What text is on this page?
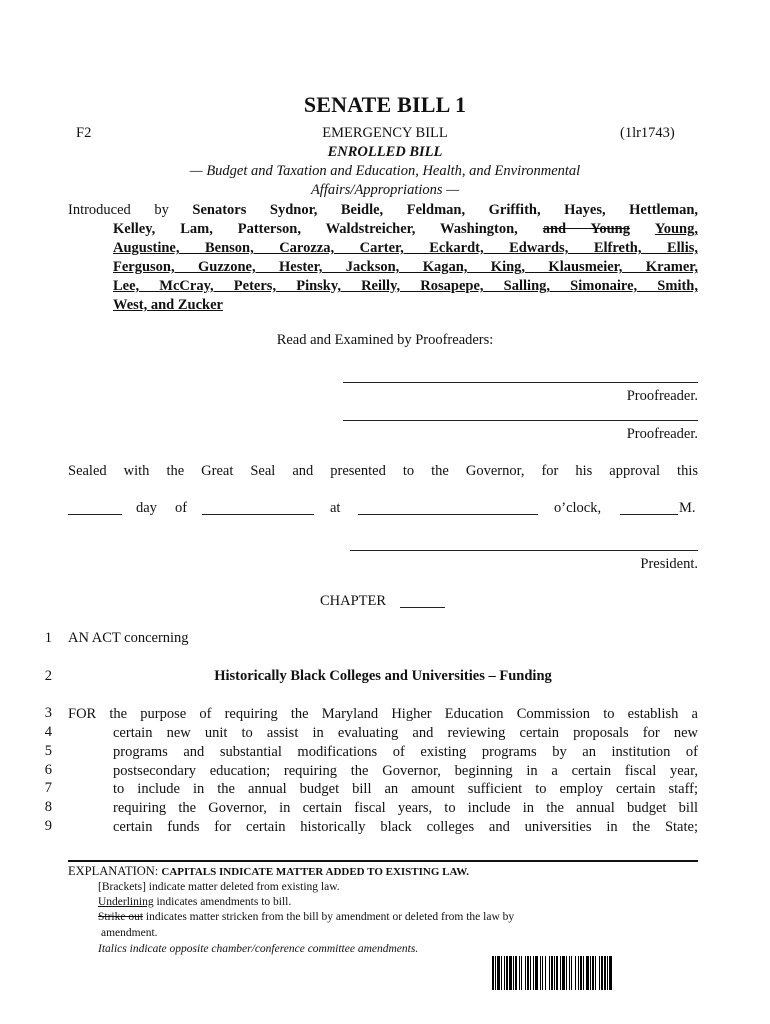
SENATE BILL 1
F2	EMERGENCY BILL	(1lr1743)
ENROLLED BILL
— Budget and Taxation and Education, Health, and Environmental
Affairs/Appropriations —
Introduced by Senators Sydnor, Beidle, Feldman, Griffith, Hayes, Hettleman,
Kelley, Lam, Patterson, Waldstreicher, Washington, and Young Young,
Augustine, Benson, Carozza, Carter, Eckardt, Edwards, Elfreth, Ellis,
Ferguson, Guzzone, Hester, Jackson, Kagan, King, Klausmeier, Kramer,
Lee, McCray, Peters, Pinsky, Reilly, Rosapepe, Salling, Simonaire, Smith,
West, and Zucker
Read and Examined by Proofreaders:
Proofreader.
Proofreader.
Sealed with the Great Seal and presented to the Governor, for his approval this
day of	at	o’clock,	M.
President.
CHAPTER
1 AN ACT concerning
2	Historically Black Colleges and Universities – Funding
3 FOR the purpose of requiring the Maryland Higher Education Commission to establish a
4	certain new unit to assist in evaluating and reviewing certain proposals for new
5	programs and substantial modifications of existing programs by an institution of
6	postsecondary education; requiring the Governor, beginning in a certain fiscal year,
7	to include in the annual budget bill an amount sufficient to employ certain staff;
8	requiring the Governor, in certain fiscal years, to include in the annual budget bill
9	certain funds for certain historically black colleges and universities in the State;
EXPLANATION: CAPITALS INDICATE MATTER ADDED TO EXISTING LAW.
[Brackets] indicate matter deleted from existing law.
Underlining indicates amendments to bill.
Strike out indicates matter stricken from the bill by amendment or deleted from the law by
amendment.
Italics indicate opposite chamber/conference committee amendments.
